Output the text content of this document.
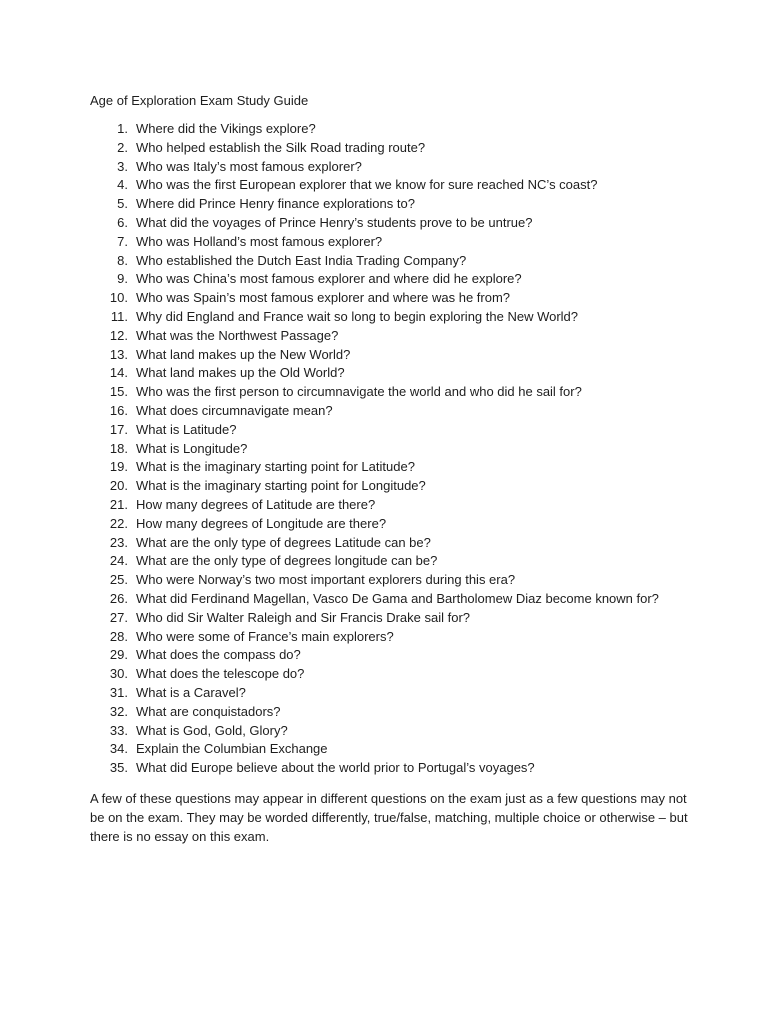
Age of Exploration Exam Study Guide
1. Where did the Vikings explore?
2. Who helped establish the Silk Road trading route?
3. Who was Italy’s most famous explorer?
4. Who was the first European explorer that we know for sure reached NC’s coast?
5. Where did Prince Henry finance explorations to?
6. What did the voyages of Prince Henry’s students prove to be untrue?
7. Who was Holland’s most famous explorer?
8. Who established the Dutch East India Trading Company?
9. Who was China’s most famous explorer and where did he explore?
10. Who was Spain’s most famous explorer and where was he from?
11. Why did England and France wait so long to begin exploring the New World?
12. What was the Northwest Passage?
13. What land makes up the New World?
14. What land makes up the Old World?
15. Who was the first person to circumnavigate the world and who did he sail for?
16. What does circumnavigate mean?
17. What is Latitude?
18. What is Longitude?
19. What is the imaginary starting point for Latitude?
20. What is the imaginary starting point for Longitude?
21. How many degrees of Latitude are there?
22. How many degrees of Longitude are there?
23. What are the only type of degrees Latitude can be?
24. What are the only type of degrees longitude can be?
25. Who were Norway’s two most important explorers during this era?
26. What did Ferdinand Magellan, Vasco De Gama and Bartholomew Diaz become known for?
27. Who did Sir Walter Raleigh and Sir Francis Drake sail for?
28. Who were some of France’s main explorers?
29. What does the compass do?
30. What does the telescope do?
31. What is a Caravel?
32. What are conquistadors?
33. What is God, Gold, Glory?
34. Explain the Columbian Exchange
35. What did Europe believe about the world prior to Portugal’s voyages?

A few of these questions may appear in different questions on the exam just as a few questions may not be on the exam. They may be worded differently, true/false, matching, multiple choice or otherwise – but there is no essay on this exam.
